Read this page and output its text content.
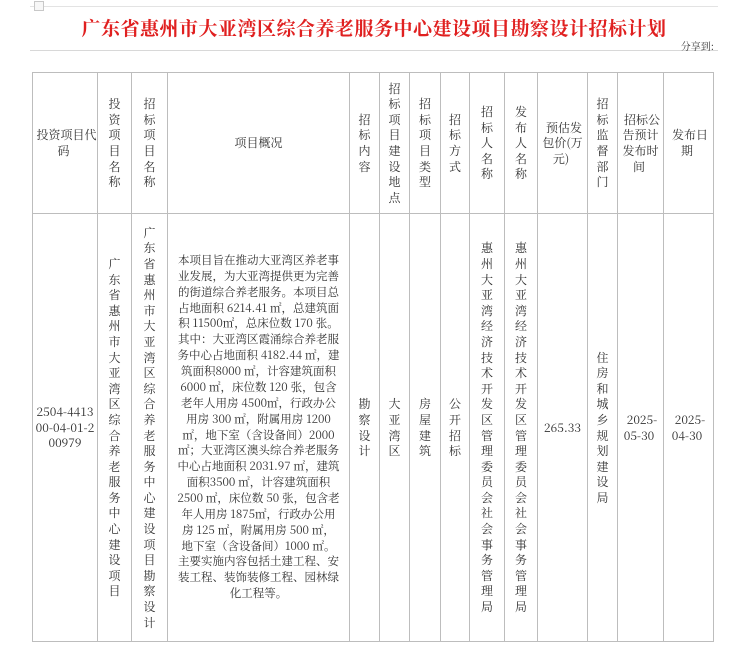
广东省惠州市大亚湾区综合养老服务中心建设项目勘察设计招标计划
分享到:
投资项目代码	投资项目名称	招标项目名称	项目概况	招标内容	招标项目建设地点	招标项目类型	招标方式	招标人名称	发布人名称	预估发包价(万元)	招标监督部门	招标公告预计发布时间	发布日期

2504-441300-04-01-200979	广东省惠州市大亚湾区综合养老服务中心建设项目	广东省惠州市大亚湾区综合养老服务中心建设项目勘察设计	本项目旨在推动大亚湾区养老事业发展，为大亚湾提供更为完善的街道综合养老服务。本项目总占地面积 6214.41 ㎡，总建筑面积 11500㎡，总床位数 170 张。其中：大亚湾区霞涌综合养老服务中心占地面积 4182.44 ㎡，建筑面积8000 ㎡，计容建筑面积 6000 ㎡，床位数 120 张，包含老年人用房 4500㎡，行政办公用房 300 ㎡，附属用房 1200 ㎡，地下室（含设备间）2000㎡；大亚湾区澳头综合养老服务中心占地面积 2031.97 ㎡，建筑面积3500 ㎡，计容建筑面积 2500 ㎡，床位数 50 张，包含老年人用房 1875㎡，行政办公用房 125 ㎡，附属用房 500 ㎡，地下室（含设备间）1000 ㎡。主要实施内容包括土建工程、安装工程、装饰装修工程、园林绿化工程等。	勘察设计	大亚湾区	房屋建筑	公开招标	惠州大亚湾经济技术开发区管理委员会社会事务管理局	惠州大亚湾经济技术开发区管理委员会社会事务管理局	265.33	住房和城乡规划建设局	2025-05-30	2025-04-30
